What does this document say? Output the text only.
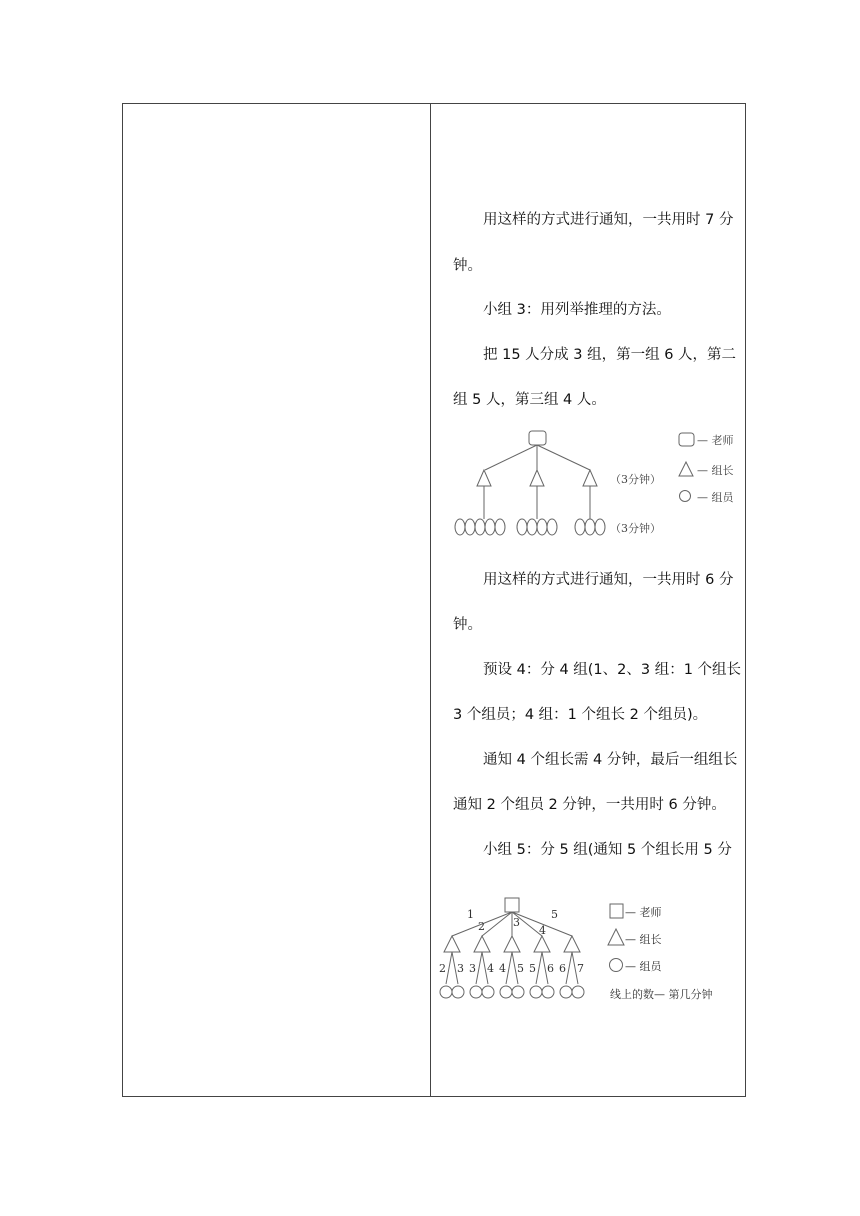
用这样的方式进行通知，一共用时 7 分
钟。
小组 3：用列举推理的方法。
把 15 人分成 3 组，第一组 6 人，第二
组 5 人，第三组 4 人。
（3分钟）
（3分钟）
— 老师
— 组长
— 组员
用这样的方式进行通知，一共用时 6 分
钟。
预设 4：分 4 组(1、2、3 组：1 个组长
3 个组员；4 组：1 个组长 2 个组员)。
通知 4 个组长需 4 分钟，最后一组组长
通知 2 个组员 2 分钟，一共用时 6 分钟。
小组 5：分 5 组(通知 5 个组长用 5 分
1
2	3
4
5
2 3 3 4 4 5 5 6 6 7
— 老师
— 组长
— 组员
线上的数— 第几分钟
